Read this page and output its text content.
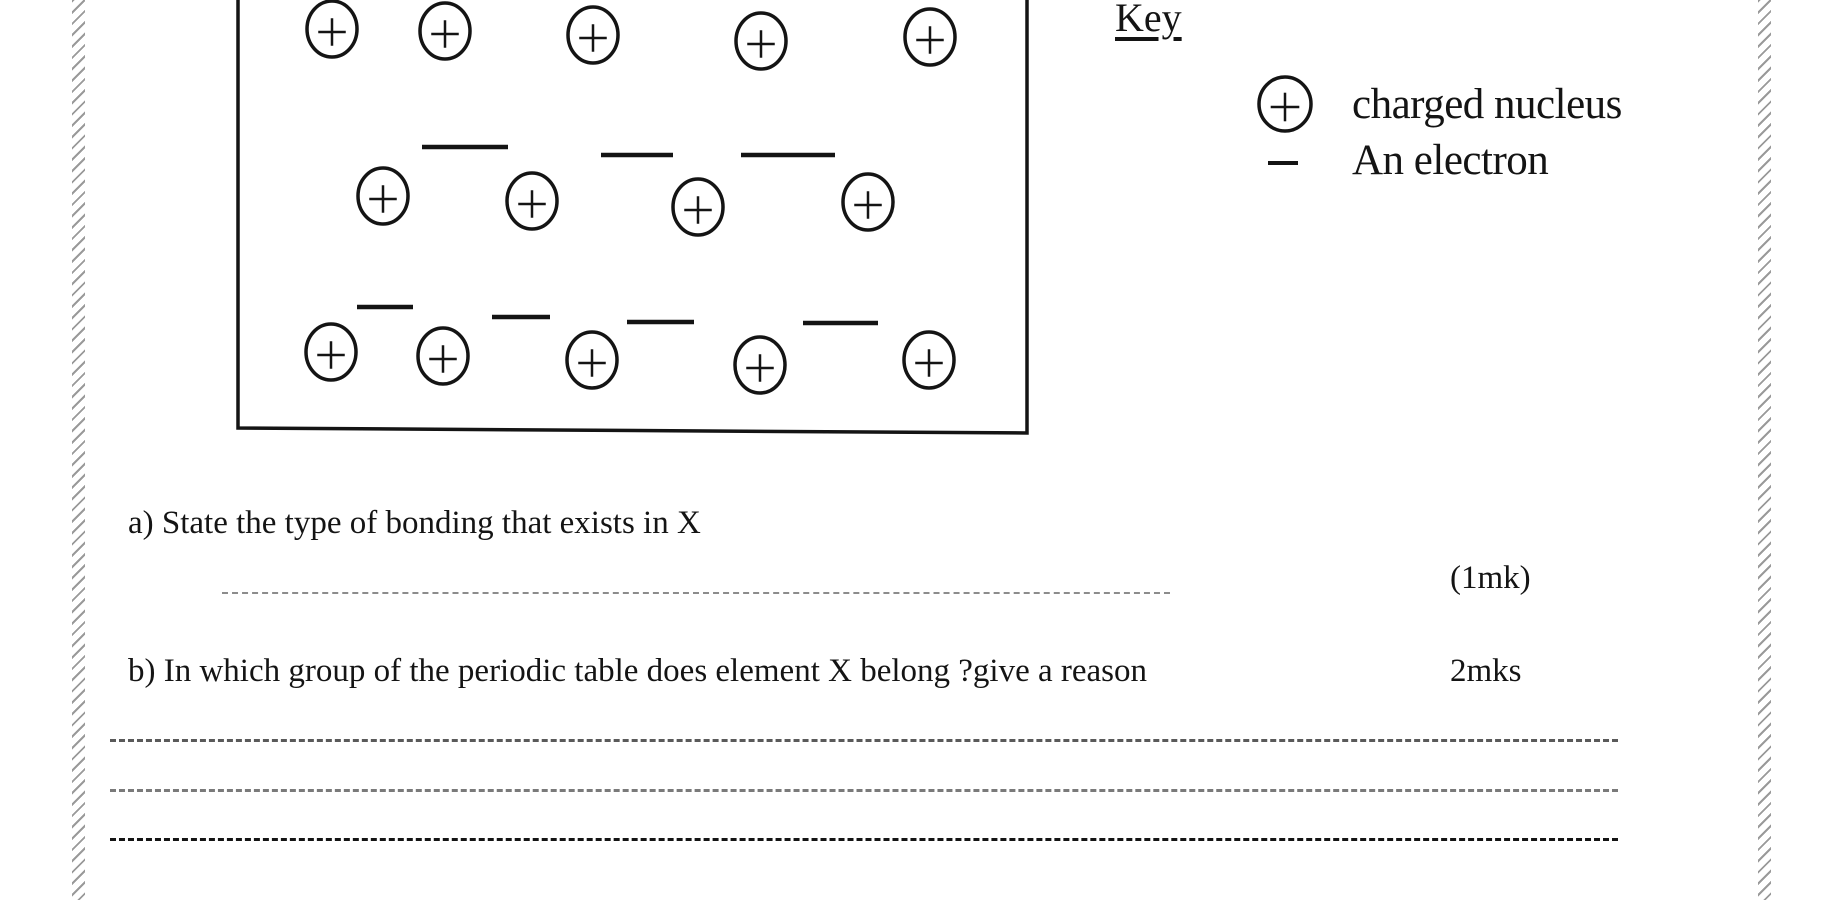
Key
charged nucleus
An electron
a) State the type of bonding that exists in X
(1mk)
b) In which group of the periodic table does element X belong ?give a reason	2mks
